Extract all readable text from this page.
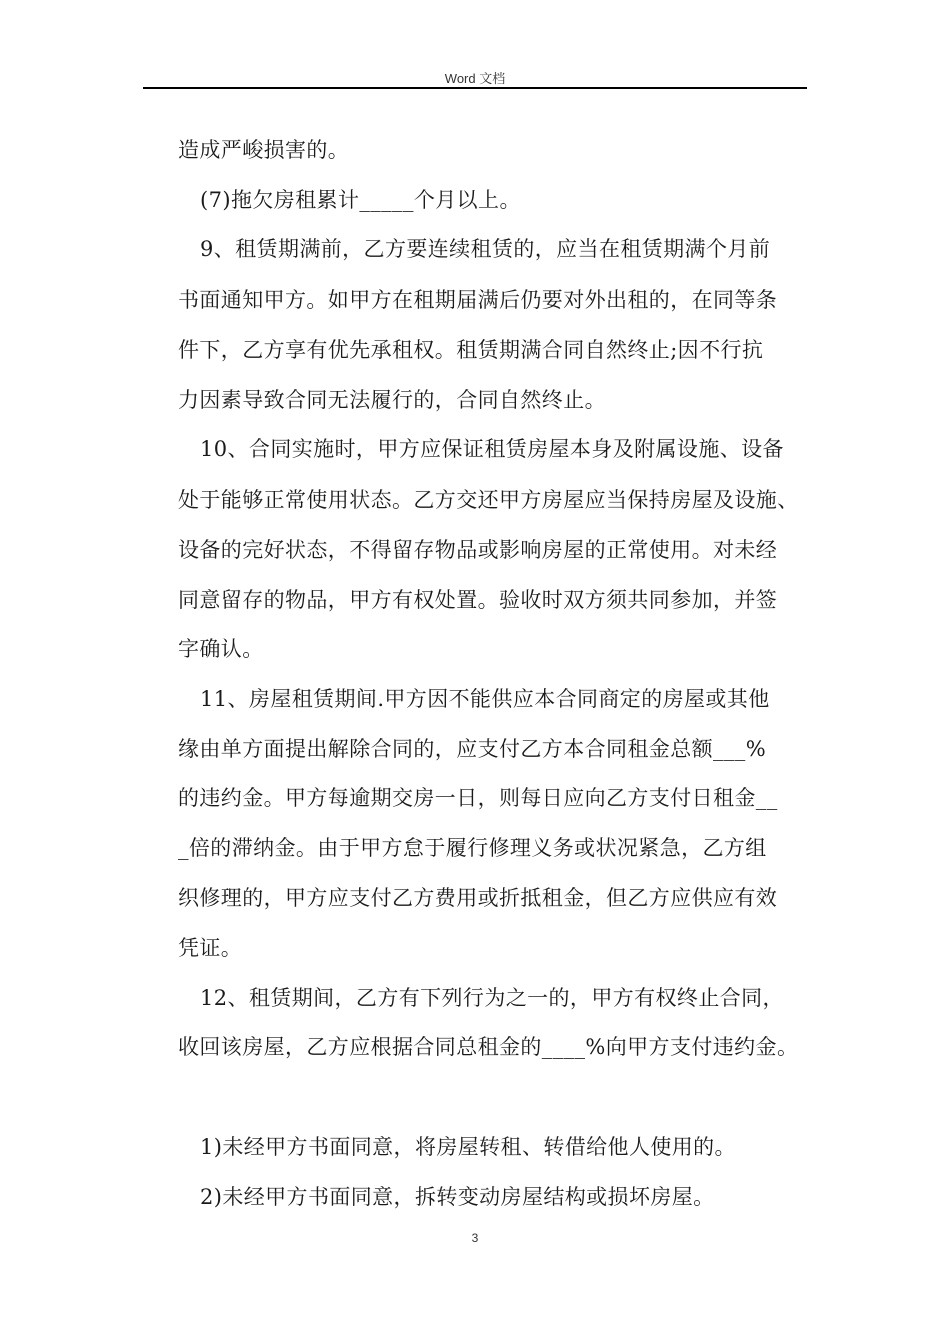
Word 文档
造成严峻损害的。
(7)拖欠房租累计_____个月以上。
9、租赁期满前，乙方要连续租赁的，应当在租赁期满个月前
书面通知甲方。如甲方在租期届满后仍要对外出租的，在同等条
件下，乙方享有优先承租权。租赁期满合同自然终止;因不行抗
力因素导致合同无法履行的，合同自然终止。
10、合同实施时，甲方应保证租赁房屋本身及附属设施、设备
处于能够正常使用状态。乙方交还甲方房屋应当保持房屋及设施、
设备的完好状态，不得留存物品或影响房屋的正常使用。对未经
同意留存的物品，甲方有权处置。验收时双方须共同参加，并签
字确认。
11、房屋租赁期间.甲方因不能供应本合同商定的房屋或其他
缘由单方面提出解除合同的，应支付乙方本合同租金总额___%
的违约金。甲方每逾期交房一日，则每日应向乙方支付日租金__
_倍的滞纳金。由于甲方怠于履行修理义务或状况紧急，乙方组
织修理的，甲方应支付乙方费用或折抵租金，但乙方应供应有效
凭证。
12、租赁期间，乙方有下列行为之一的，甲方有权终止合同，
收回该房屋，乙方应根据合同总租金的____%向甲方支付违约金。
1)未经甲方书面同意，将房屋转租、转借给他人使用的。
2)未经甲方书面同意，拆转变动房屋结构或损坏房屋。
3
